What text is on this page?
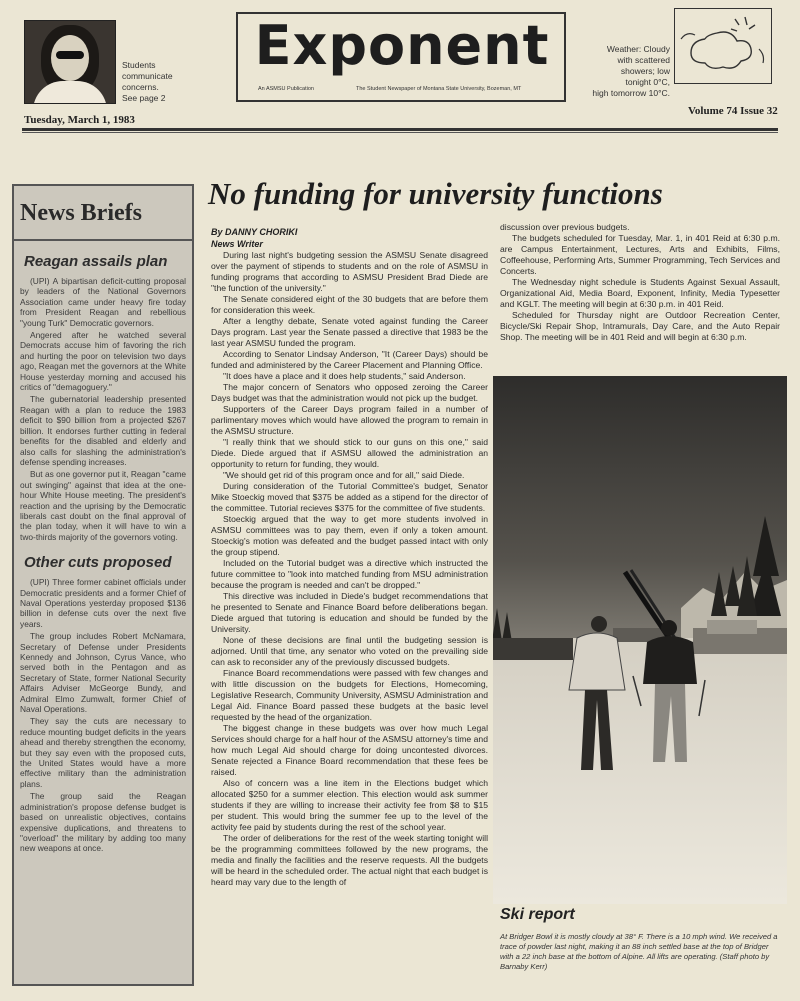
Students
communicate
concerns.
See page 2
Exponent
An ASMSU Publication	The Student Newspaper of Montana State University, Bozeman, MT
Weather: Cloudy
with scattered
showers; low
tonight 0°C,
high tomorrow 10°C.
Tuesday, March 1, 1983
Volume 74 Issue 32
News Briefs
Reagan assails plan

(UPI) A bipartisan deficit-cutting proposal by leaders of the National Governors Association came under heavy fire today from President Reagan and rebellious "young Turk" Democratic governors.

Angered after he watched several Democrats accuse him of favoring the rich and hurting the poor on television two days ago, Reagan met the governors at the White House yesterday morning and accused his critics of "demagoguery."

The gubernatorial leadership presented Reagan with a plan to reduce the 1983 deficit to $90 billion from a projected $267 billion. It endorses further cutting in federal benefits for the disabled and elderly and also calls for slashing the administration's defense spending increases.

But as one governor put it, Reagan "came out swinging" against that idea at the one-hour White House meeting. The president's reaction and the uprising by the Democratic liberals cast doubt on the final approval of the plan today, when it will have to win a two-thirds majority of the governors voting.

Other cuts proposed

(UPI) Three former cabinet officials under Democratic presidents and a former Chief of Naval Operations yesterday proposed $136 billion in defense cuts over the next five years.

The group includes Robert McNamara, Secretary of Defense under Presidents Kennedy and Johnson, Cyrus Vance, who served both in the Pentagon and as Secretary of State, former National Security Affairs Adviser McGeorge Bundy, and Admiral Elmo Zumwalt, former Chief of Naval Operations.

They say the cuts are necessary to reduce mounting budget deficits in the years ahead and thereby strengthen the economy, but they say even with the proposed cuts, the United States would have a more effective military than the administration plans.

The group said the Reagan administration's propose defense budget is based on unrealistic objectives, contains expensive duplications, and threatens to "overload" the military by adding too many new weapons at once.

No funding for university functions
By DANNY CHORIKI
News Writer

During last night's budgeting session the ASMSU Senate disagreed over the payment of stipends to students and on the role of ASMSU in funding programs that according to ASMSU President Brad Diede are "the function of the university."

The Senate considered eight of the 30 budgets that are before them for consideration this week.

After a lengthy debate, Senate voted against funding the Career Days program. Last year the Senate passed a directive that 1983 be the last year ASMSU funded the program.

According to Senator Lindsay Anderson, "It (Career Days) should be funded and administered by the Career Placement and Planning Office.

"It does have a place and it does help students," said Anderson.

The major concern of Senators who opposed zeroing the Career Days budget was that the administration would not pick up the budget.

Supporters of the Career Days program failed in a number of parlimentary moves which would have allowed the program to remain in the ASMSU structure.

"I really think that we should stick to our guns on this one," said Diede. Diede argued that if ASMSU allowed the administration an opportunity to return for funding, they would.

"We should get rid of this program once and for all," said Diede.

During consideration of the Tutorial Committee's budget, Senator Mike Stoeckig moved that $375 be added as a stipend for the director of the committee. Tutorial recieves $375 for the committee of five students.

Stoeckig argued that the way to get more students involved in ASMSU committees was to pay them, even if only a token amount. Stoeckig's motion was defeated and the budget passed intact with only the group stipend.

Included on the Tutorial budget was a directive which instructed the future committee to "look into matched funding from MSU administration because the program is needed and can't be dropped."

This directive was included in Diede's budget recommendations that he presented to Senate and Finance Board before deliberations began. Diede argued that tutoring is education and should be funded by the University.

None of these decisions are final until the budgeting session is adjorned. Until that time, any senator who voted on the prevailing side can ask to reconsider any of the previously discussed budgets.

Finance Board recommendations were passed with few changes and with little discussion on the budgets for Elections, Homecoming, Legislative Research, Community University, ASMSU Administration and Legal Aid. Finance Board passed these budgets at the basic level requested by the head of the organization.

The biggest change in these budgets was over how much Legal Services should charge for a half hour of the ASMSU attorney's time and how much Legal Aid should charge for doing uncontested divorces. Senate rejected a Finance Board recommendation that these fees be raised.

Also of concern was a line item in the Elections budget which allocated $250 for a summer election. This election would ask summer students if they are willing to increase their activity fee from $8 to $15 per student. This would bring the summer fee up to the level of the activity fee paid by students during the rest of the school year.

The order of deliberations for the rest of the week starting tonight will be the programming committees followed by the new programs, the media and finally the facilities and the reserve requests. All the budgets will be heard in the scheduled order. The actual night that each budget is heard may vary due to the length of

discussion over previous budgets.

The budgets scheduled for Tuesday, Mar. 1, in 401 Reid at 6:30 p.m. are Campus Entertainment, Lectures, Arts and Exhibits, Films, Coffeehouse, Performing Arts, Summer Programming, Tech Services and Concerts.

The Wednesday night schedule is Students Against Sexual Assault, Organizational Aid, Media Board, Exponent, Infinity, Media Typesetter and KGLT. The meeting will begin at 6:30 p.m. in 401 Reid.

Scheduled for Thursday night are Outdoor Recreation Center, Bicycle/Ski Repair Shop, Intramurals, Day Care, and the Auto Repair Shop. The meeting will be in 401 Reid and will begin at 6:30 p.m.

Ski report
At Bridger Bowl it is mostly cloudy at 38° F. There is a 10 mph wind. We received a trace of powder last night, making it an 88 inch settled base at the top of Bridger with a 22 inch base at the bottom of Alpine. All lifts are operating. (Staff photo by Barnaby Kerr)
